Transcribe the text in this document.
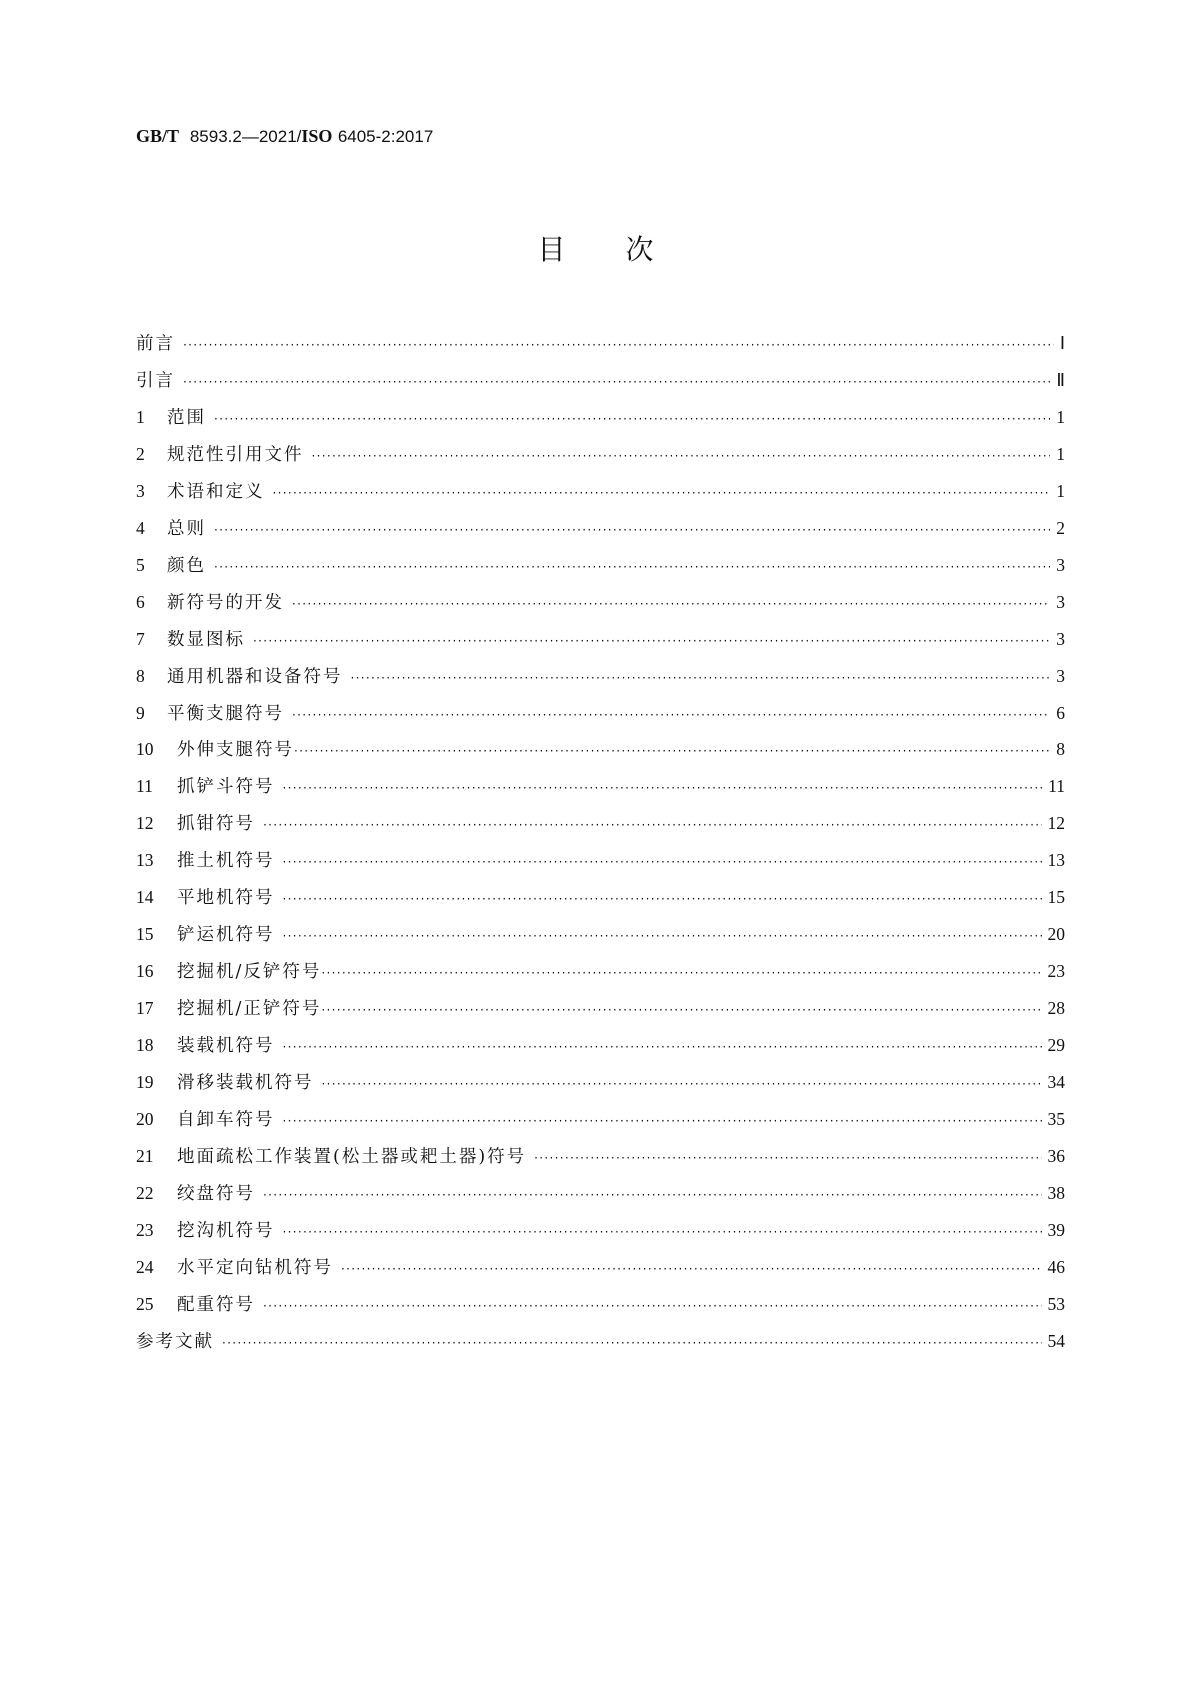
GB/T 8593.2—2021/ISO 6405-2:2017
目次
前言 ·····	Ⅰ
引言 ·····	Ⅱ
1	范围 ·····	1
2	规范性引用文件 ·····	1
3	术语和定义 ·····	1
4	总则 ·····	2
5	颜色 ·····	3
6	新符号的开发 ·····	3
7	数显图标 ·····	3
8	通用机器和设备符号 ·····	3
9	平衡支腿符号 ·····	6
10	外伸支腿符号 ·····	8
11	抓铲斗符号 ·····	11
12	抓钳符号 ·····	12
13	推土机符号 ·····	13
14	平地机符号 ·····	15
15	铲运机符号 ·····	20
16	挖掘机/反铲符号 ·····	23
17	挖掘机/正铲符号 ·····	28
18	装载机符号 ·····	29
19	滑移装载机符号 ·····	34
20	自卸车符号 ·····	35
21	地面疏松工作装置(松土器或耙土器)符号 ·····	36
22	绞盘符号 ·····	38
23	挖沟机符号 ·····	39
24	水平定向钻机符号 ·····	46
25	配重符号 ·····	53
参考文献 ·····	54
